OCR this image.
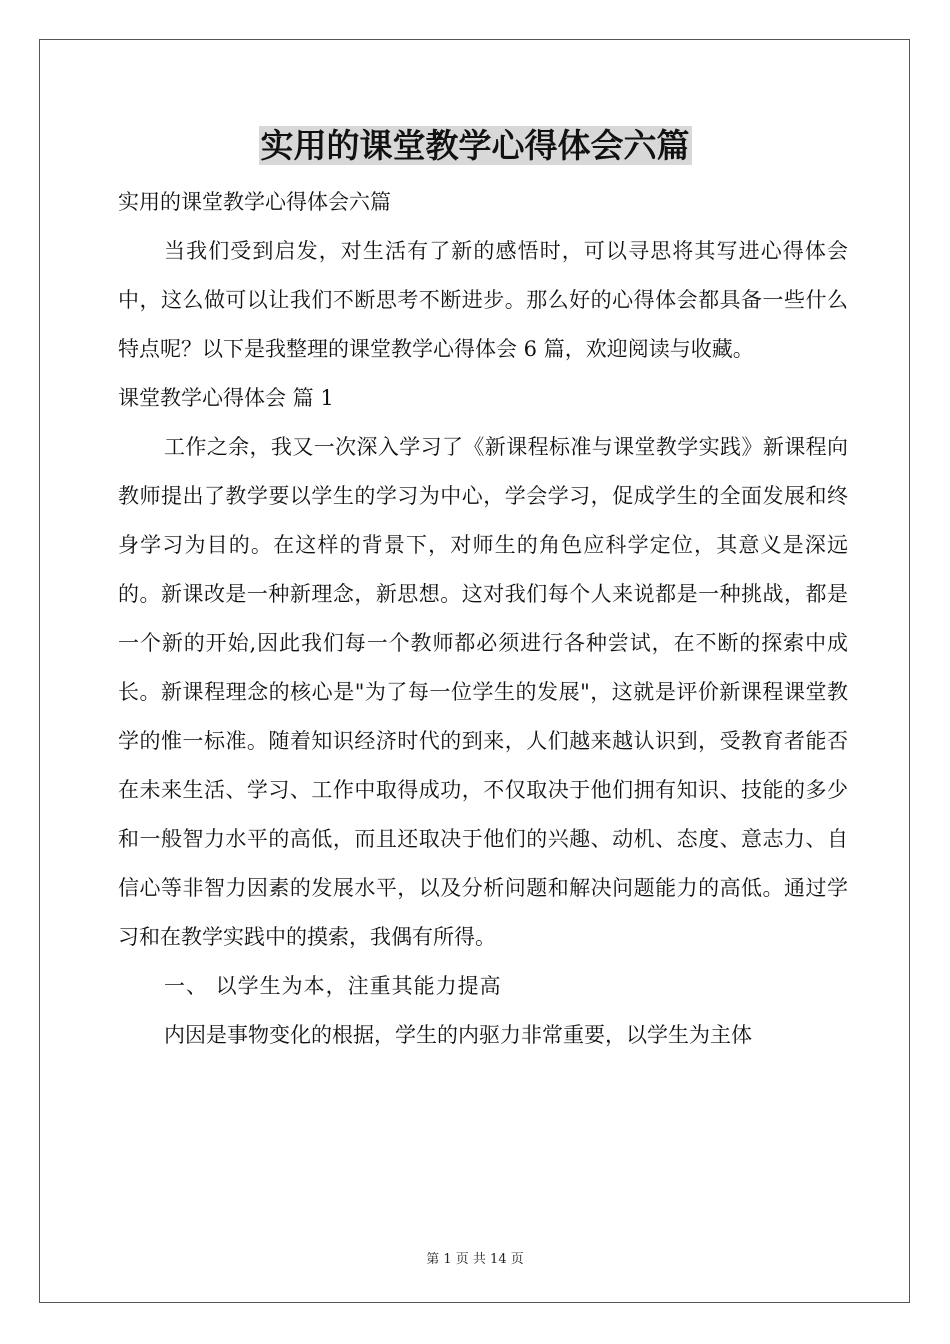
实用的课堂教学心得体会六篇

实用的课堂教学心得体会六篇

当我们受到启发，对生活有了新的感悟时，可以寻思将其写进心得体会中，这么做可以让我们不断思考不断进步。那么好的心得体会都具备一些什么特点呢？以下是我整理的课堂教学心得体会 6 篇，欢迎阅读与收藏。

课堂教学心得体会 篇 1

工作之余，我又一次深入学习了《新课程标准与课堂教学实践》新课程向教师提出了教学要以学生的学习为中心，学会学习，促成学生的全面发展和终身学习为目的。在这样的背景下，对师生的角色应科学定位，其意义是深远的。新课改是一种新理念，新思想。这对我们每个人来说都是一种挑战，都是一个新的开始,因此我们每一个教师都必须进行各种尝试，在不断的探索中成长。新课程理念的核心是"为了每一位学生的发展"，这就是评价新课程课堂教学的惟一标准。随着知识经济时代的到来，人们越来越认识到，受教育者能否在未来生活、学习、工作中取得成功，不仅取决于他们拥有知识、技能的多少和一般智力水平的高低，而且还取决于他们的兴趣、动机、态度、意志力、自信心等非智力因素的发展水平，以及分析问题和解决问题能力的高低。通过学习和在教学实践中的摸索，我偶有所得。

一、 以学生为本，注重其能力提高

内因是事物变化的根据，学生的内驱力非常重要，以学生为主体

第 1 页 共 14 页
